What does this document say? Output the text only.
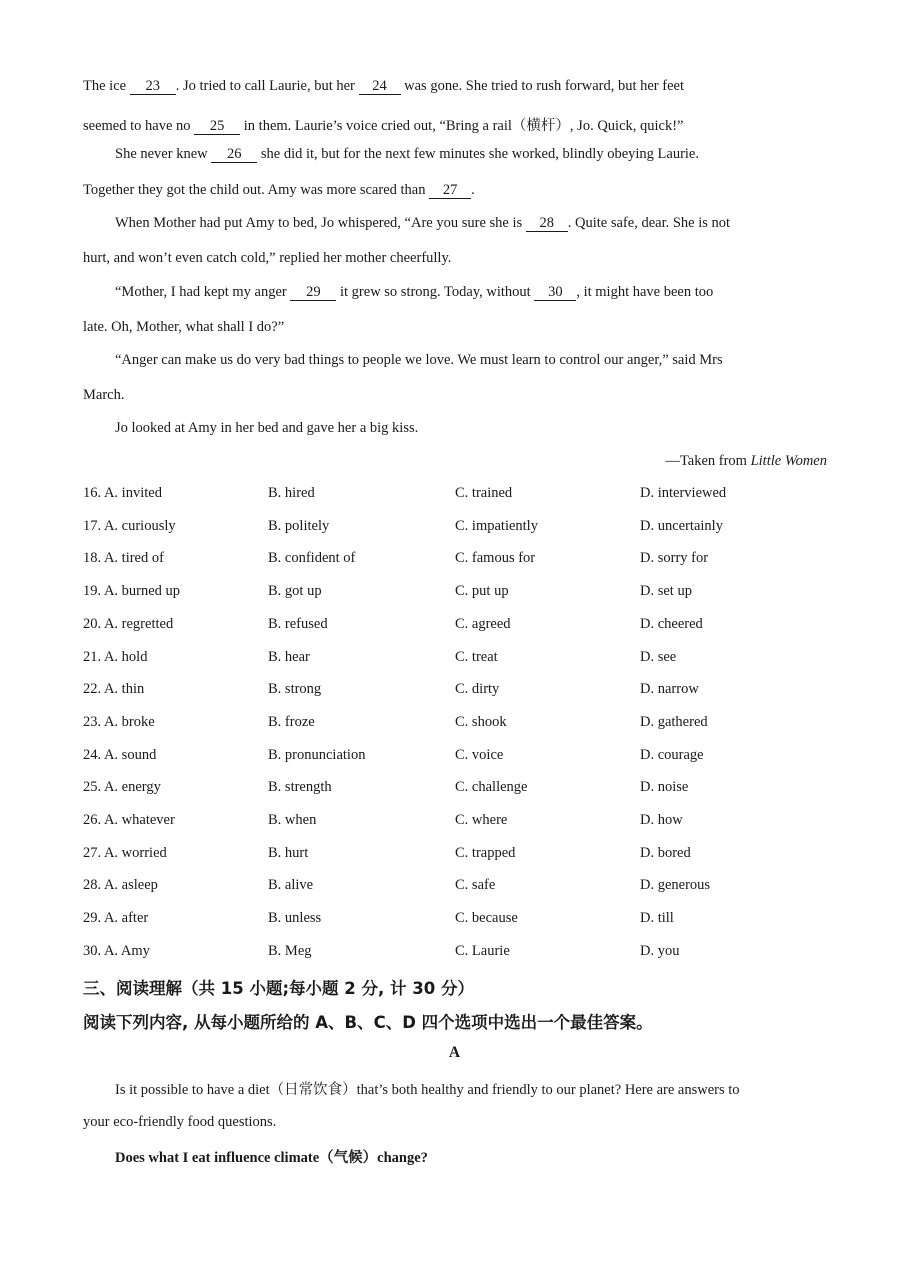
The ice 23 . Jo tried to call Laurie, but her 24 was gone. She tried to rush forward, but her feet
seemed to have no 25 in them. Laurie’s voice cried out, “Bring a rail（横杆）, Jo. Quick, quick!”
She never knew 26 she did it, but for the next few minutes she worked, blindly obeying Laurie.
Together they got the child out. Amy was more scared than 27 .
When Mother had put Amy to bed, Jo whispered, “Are you sure she is 28 . Quite safe, dear. She is not
hurt, and won’t even catch cold,” replied her mother cheerfully.
“Mother, I had kept my anger 29 it grew so strong. Today, without 30 , it might have been too
late. Oh, Mother, what shall I do?”
“Anger can make us do very bad things to people we love. We must learn to control our anger,” said Mrs
March.
Jo looked at Amy in her bed and gave her a big kiss.
—Taken from Little Women
16. A. invited	B. hired	C. trained	D. interviewed
17. A. curiously	B. politely	C. impatiently	D. uncertainly
18. A. tired of	B. confident of	C. famous for	D. sorry for
19. A. burned up	B. got up	C. put up	D. set up
20. A. regretted	B. refused	C. agreed	D. cheered
21. A. hold	B. hear	C. treat	D. see
22. A. thin	B. strong	C. dirty	D. narrow
23. A. broke	B. froze	C. shook	D. gathered
24. A. sound	B. pronunciation	C. voice	D. courage
25. A. energy	B. strength	C. challenge	D. noise
26. A. whatever	B. when	C. where	D. how
27. A. worried	B. hurt	C. trapped	D. bored
28. A. asleep	B. alive	C. safe	D. generous
29. A. after	B. unless	C. because	D. till
30. A. Amy	B. Meg	C. Laurie	D. you
三、阅读理解（共 15 小题;每小题 2 分, 计 30 分）
阅读下列内容, 从每小题所给的 A、B、C、D 四个选项中选出一个最佳答案。
A
Is it possible to have a diet（日常饮食）that’s both healthy and friendly to our planet? Here are answers to
your eco-friendly food questions.
Does what I eat influence climate（气候）change?
